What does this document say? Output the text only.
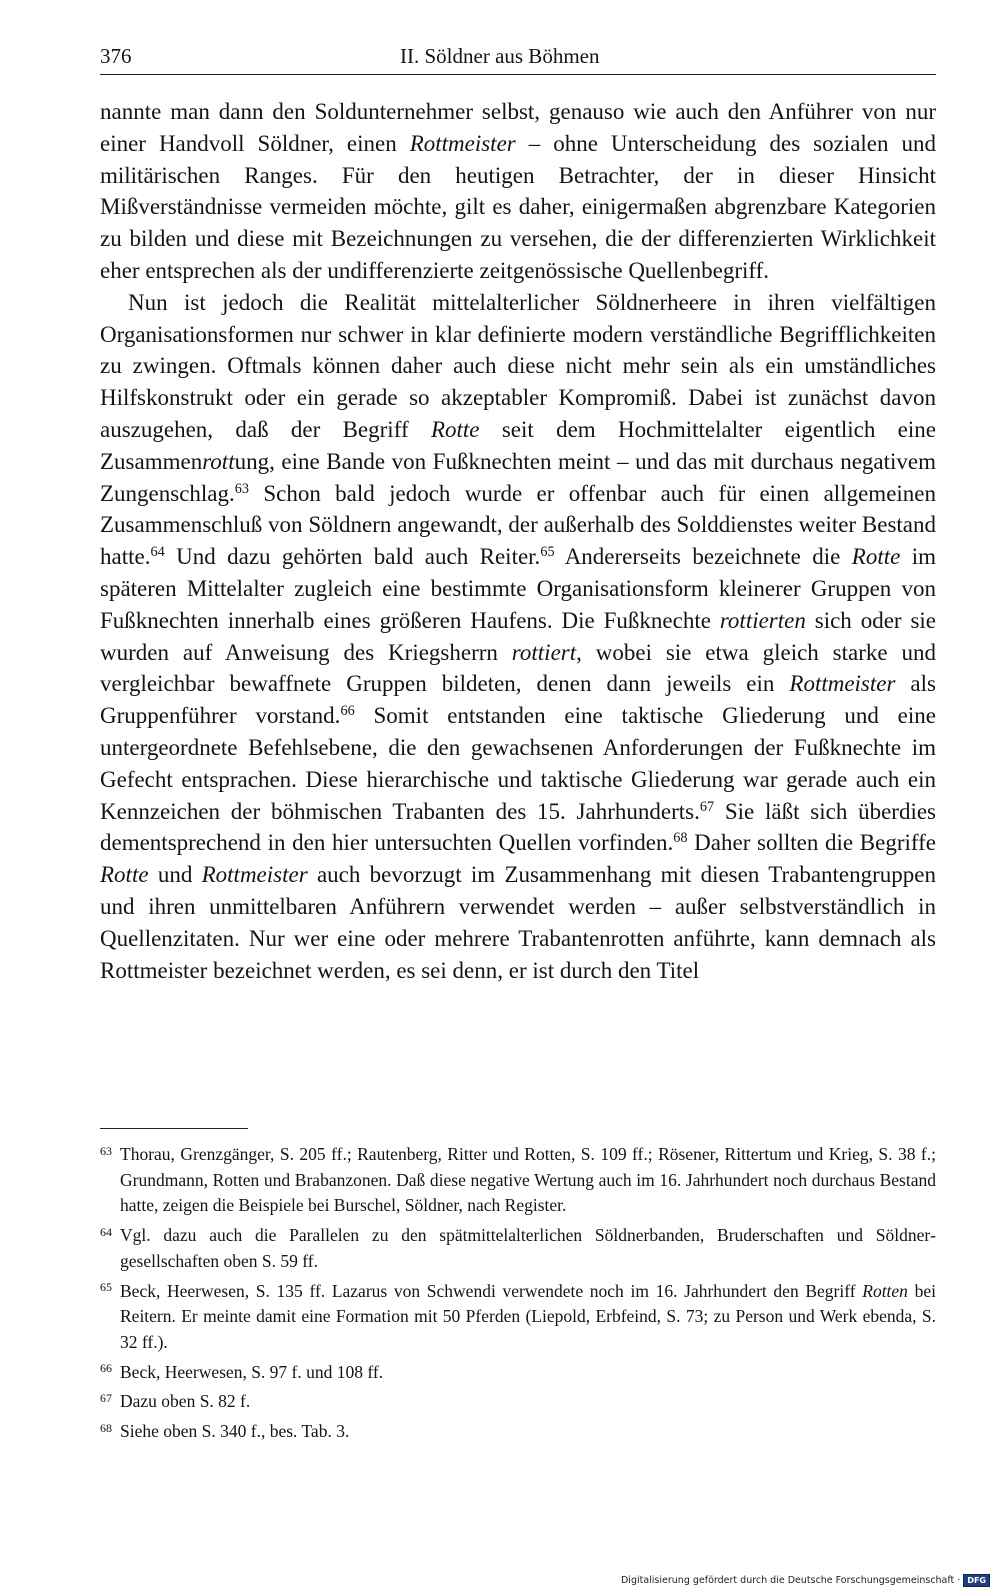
376	II. Söldner aus Böhmen

nannte man dann den Soldunternehmer selbst, genauso wie auch den Anführer von nur einer Handvoll Söldner, einen Rottmeister – ohne Unterscheidung des sozialen und militärischen Ranges. Für den heutigen Betrachter, der in dieser Hinsicht Mißverständnisse vermeiden möchte, gilt es daher, einigermaßen abgrenzbare Kategorien zu bilden und diese mit Bezeichnungen zu versehen, die der differenzierten Wirklichkeit eher entsprechen als der undifferenzierte zeitgenössische Quellenbegriff.

Nun ist jedoch die Realität mittelalterlicher Söldnerheere in ihren vielfältigen Organisationsformen nur schwer in klar definierte modern verständliche Begrifflichkeiten zu zwingen. Oftmals können daher auch diese nicht mehr sein als ein umständliches Hilfskonstrukt oder ein gerade so akzeptabler Kompromiß. Dabei ist zunächst davon auszugehen, daß der Begriff Rotte seit dem Hochmittelalter eigentlich eine Zusammenrottung, eine Bande von Fußknechten meint – und das mit durchaus negativem Zungenschlag.$^{63}$ Schon bald jedoch wurde er offenbar auch für einen allgemeinen Zusammenschluß von Söldnern angewandt, der außerhalb des Solddienstes weiter Bestand hatte.$^{64}$ Und dazu gehörten bald auch Reiter.$^{65}$ Andererseits bezeichnete die Rotte im späteren Mittelalter zugleich eine bestimmte Organisationsform kleinerer Gruppen von Fußknechten innerhalb eines größeren Haufens. Die Fußknechte rottierten sich oder sie wurden auf Anweisung des Kriegsherrn rottiert, wobei sie etwa gleich starke und vergleichbar bewaffnete Gruppen bildeten, denen dann jeweils ein Rottmeister als Gruppenführer vorstand.$^{66}$ Somit entstanden eine taktische Gliederung und eine untergeordnete Befehlsebene, die den gewachsenen Anforderungen der Fußknechte im Gefecht entsprachen. Diese hierarchische und taktische Gliederung war gerade auch ein Kennzeichen der böhmischen Trabanten des 15. Jahrhunderts.$^{67}$ Sie läßt sich überdies dementsprechend in den hier untersuchten Quellen vorfinden.$^{68}$ Daher sollten die Begriffe Rotte und Rottmeister auch bevorzugt im Zusammenhang mit diesen Trabantengruppen und ihren unmittelbaren Anführern verwendet werden – außer selbstverständlich in Quellenzitaten. Nur wer eine oder mehrere Trabantenrotten anführte, kann demnach als Rottmeister bezeichnet werden, es sei denn, er ist durch den Titel

63 Thorau, Grenzgänger, S. 205 ff.; Rautenberg, Ritter und Rotten, S. 109 ff.; Rösener, Rittertum und Krieg, S. 38 f.; Grundmann, Rotten und Brabanzonen. Daß diese negative Wertung auch im 16. Jahrhundert noch durchaus Bestand hatte, zeigen die Beispiele bei Burschel, Söldner, nach Register.

64 Vgl. dazu auch die Parallelen zu den spätmittelalterlichen Söldnerbanden, Bruderschaften und Söldnergesellschaften oben S. 59 ff.

65 Beck, Heerwesen, S. 135 ff. Lazarus von Schwendi verwendete noch im 16. Jahrhundert den Begriff Rotten bei Reitern. Er meinte damit eine Formation mit 50 Pferden (Liepold, Erbfeind, S. 73; zu Person und Werk ebenda, S. 32 ff.).

66 Beck, Heerwesen, S. 97 f. und 108 ff.

67 Dazu oben S. 82 f.

68 Siehe oben S. 340 f., bes. Tab. 3.

Digitalisierung gefördert durch die Deutsche Forschungsgemeinschaft · DFG
